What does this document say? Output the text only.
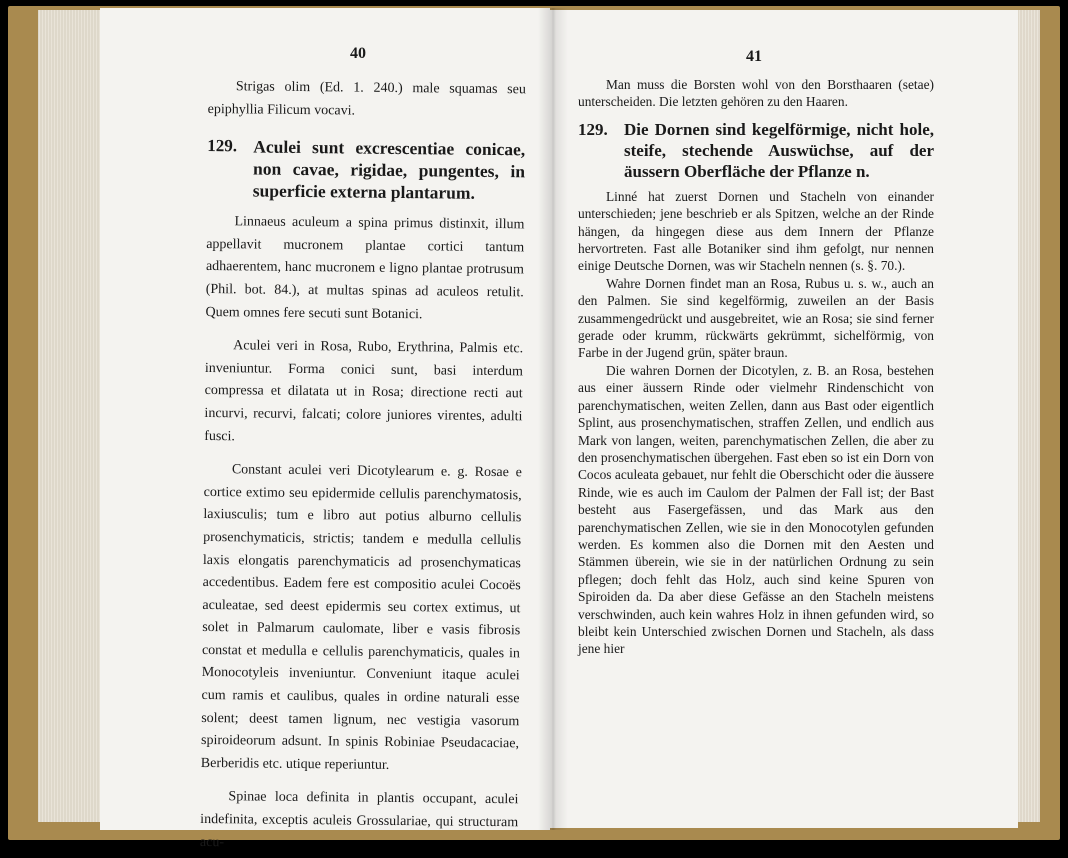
40

Strigas olim (Ed. 1. 240.) male squamas seu epiphyllia Filicum vocavi.

129. Aculei sunt excrescentiae conicae, non cavae, rigidae, pungentes, in superficie externa plantarum.

Linnaeus aculeum a spina primus distinxit, illum appellavit mucronem plantae cortici tantum adhaerentem, hanc mucronem e ligno plantae protrusum (Phil. bot. 84.), at multas spinas ad aculeos retulit. Quem omnes fere secuti sunt Botanici.

Aculei veri in Rosa, Rubo, Erythrina, Palmis etc. inveniuntur. Forma conici sunt, basi interdum compressa et dilatata ut in Rosa; directione recti aut incurvi, recurvi, falcati; colore juniores virentes, adulti fusci.

Constant aculei veri Dicotylearum e. g. Rosae e cortice extimo seu epidermide cellulis parenchymatosis, laxiusculis; tum e libro aut potius alburno cellulis prosenchymaticis, strictis; tandem e medulla cellulis laxis elongatis parenchymaticis ad prosenchymaticas accedentibus. Eadem fere est compositio aculei Cocoës aculeatae, sed deest epidermis seu cortex extimus, ut solet in Palmarum caulomate, liber e vasis fibrosis constat et medulla e cellulis parenchymaticis, quales in Monocotyleis inveniuntur. Conveniunt itaque aculei cum ramis et caulibus, quales in ordine naturali esse solent; deest tamen lignum, nec vestigia vasorum spiroideorum adsunt. In spinis Robiniae Pseudacaciae, Berberidis etc. utique reperiuntur.

Spinae loca definita in plantis occupant, aculei indefinita, exceptis aculeis Grossulariae, qui structuram acu-

41

Man muss die Borsten wohl von den Borsthaaren (setae) unterscheiden. Die letzten gehören zu den Haaren.

129. Die Dornen sind kegelförmige, nicht hole, steife, stechende Auswüchse, auf der äussern Oberfläche der Pflanze n.

Linné hat zuerst Dornen und Stacheln von einander unterschieden; jene beschrieb er als Spitzen, welche an der Rinde hängen, da hingegen diese aus dem Innern der Pflanze hervortreten. Fast alle Botaniker sind ihm gefolgt, nur nennen einige Deutsche Dornen, was wir Stacheln nennen (s. §. 70.).

Wahre Dornen findet man an Rosa, Rubus u. s. w., auch an den Palmen. Sie sind kegelförmig, zuweilen an der Basis zusammengedrückt und ausgebreitet, wie an Rosa; sie sind ferner gerade oder krumm, rückwärts gekrümmt, sichelförmig, von Farbe in der Jugend grün, später braun.

Die wahren Dornen der Dicotylen, z. B. an Rosa, bestehen aus einer äussern Rinde oder vielmehr Rindenschicht von parenchymatischen, weiten Zellen, dann aus Bast oder eigentlich Splint, aus prosenchymatischen, straffen Zellen, und endlich aus Mark von langen, weiten, parenchymatischen Zellen, die aber zu den prosenchymatischen übergehen. Fast eben so ist ein Dorn von Cocos aculeata gebauet, nur fehlt die Oberschicht oder die äussere Rinde, wie es auch im Caulom der Palmen der Fall ist; der Bast besteht aus Fasergefässen, und das Mark aus den parenchymatischen Zellen, wie sie in den Monocotylen gefunden werden. Es kommen also die Dornen mit den Aesten und Stämmen überein, wie sie in der natürlichen Ordnung zu sein pflegen; doch fehlt das Holz, auch sind keine Spuren von Spiroiden da. Da aber diese Gefässe an den Stacheln meistens verschwinden, auch kein wahres Holz in ihnen gefunden wird, so bleibt kein Unterschied zwischen Dornen und Stacheln, als dass jene hier
